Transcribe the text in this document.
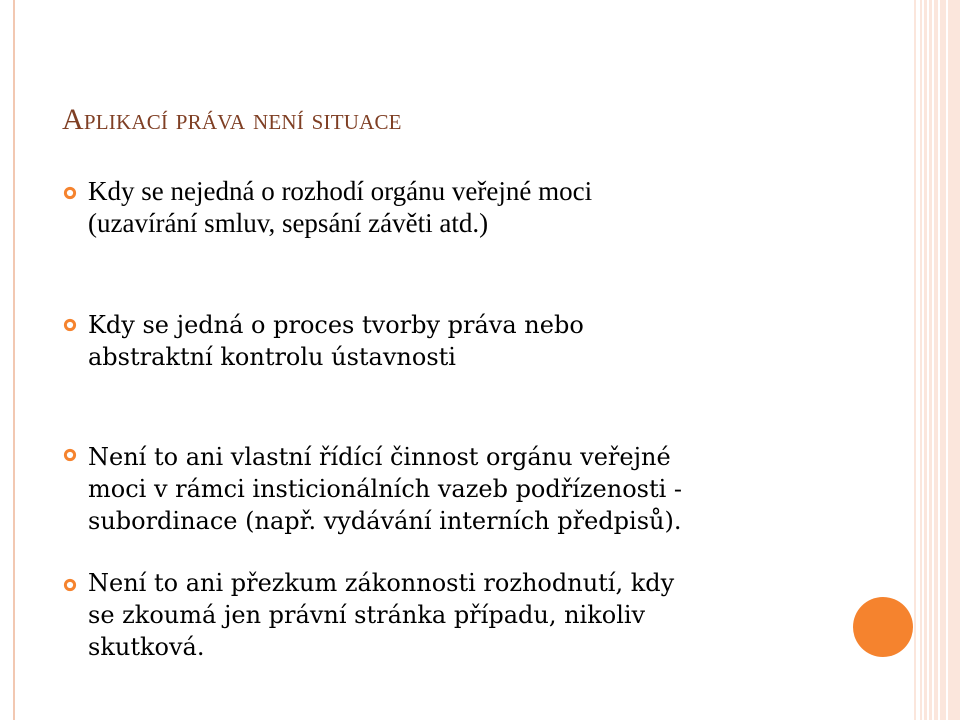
Aplikací práva není situace

Kdy se nejedná o rozhodí orgánu veřejné moci
(uzavírání smluv, sepsání závěti atd.)

Kdy se jedná o proces tvorby práva nebo
abstraktní kontrolu ústavnosti

Není to ani vlastní řídící činnost orgánu veřejné
moci v rámci insticionálních vazeb podřízenosti -
subordinace (např. vydávání interních předpisů).

Není to ani přezkum zákonnosti rozhodnutí, kdy
se zkoumá jen právní stránka případu, nikoliv
skutková.
